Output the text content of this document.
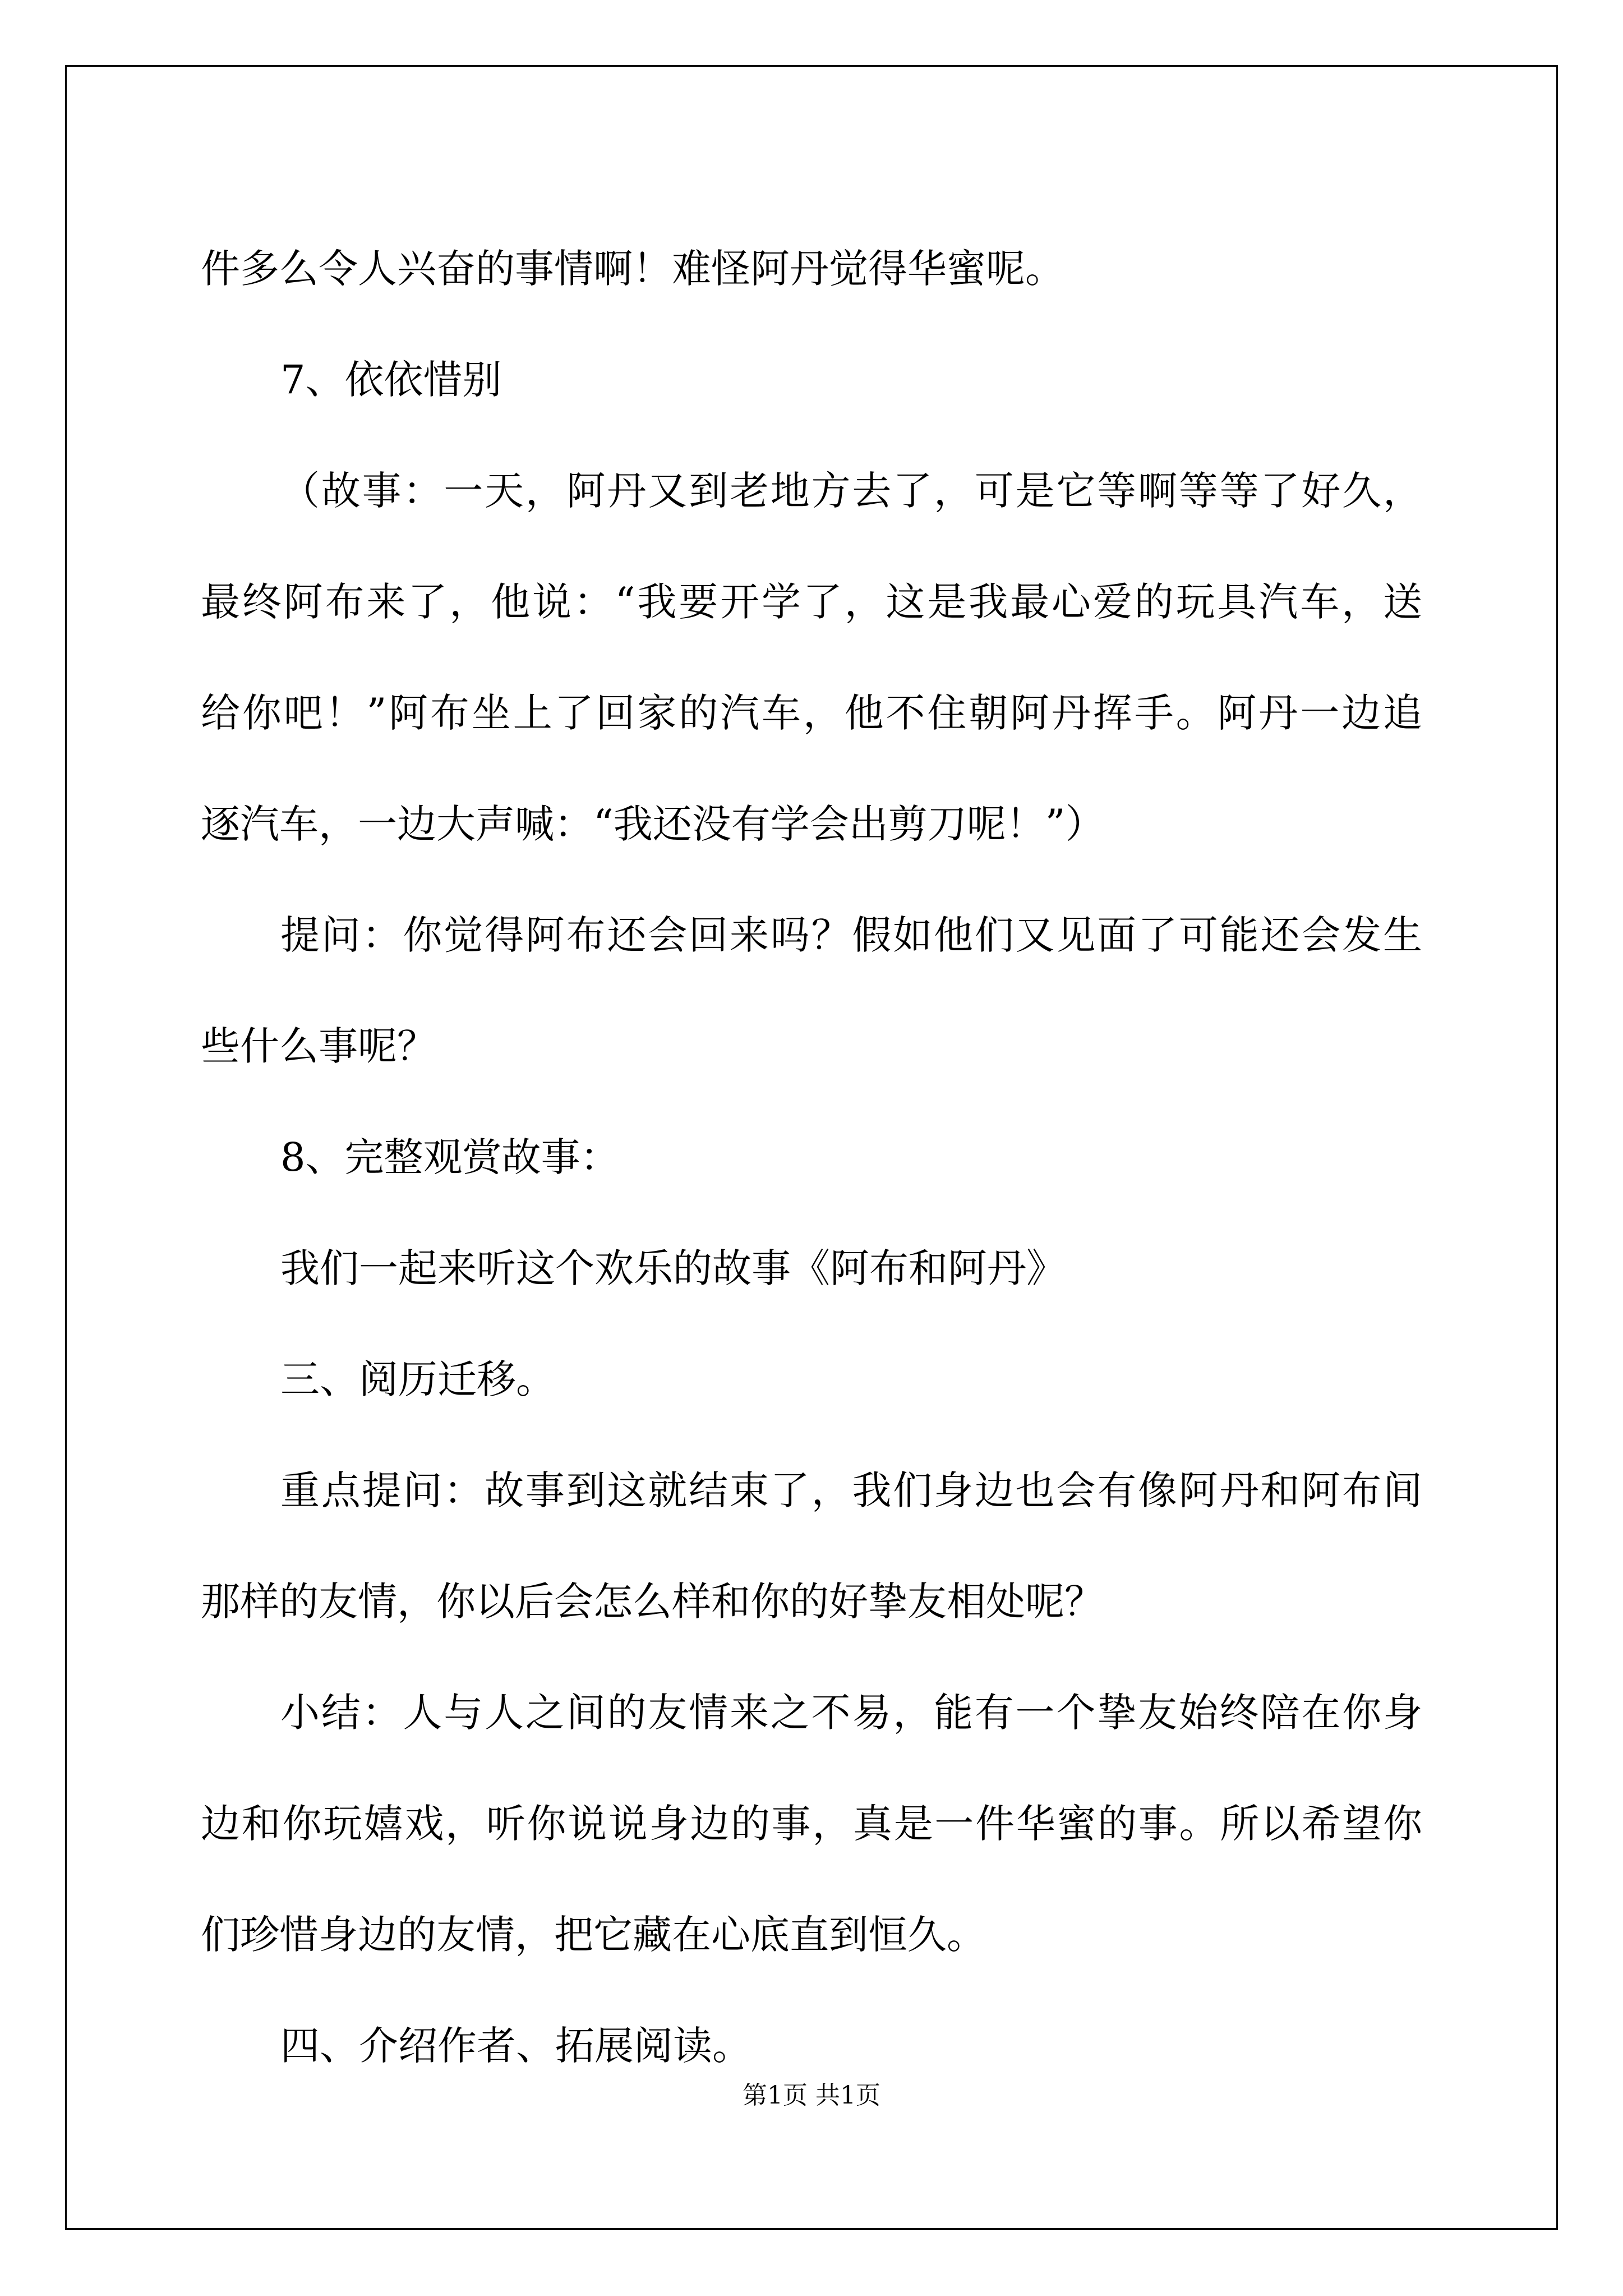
件多么令人兴奋的事情啊！难怪阿丹觉得华蜜呢。
7、依依惜别
（故事：一天，阿丹又到老地方去了，可是它等啊等等了好久，
最终阿布来了，他说：“我要开学了，这是我最心爱的玩具汽车，送
给你吧！”阿布坐上了回家的汽车，他不住朝阿丹挥手。阿丹一边追
逐汽车，一边大声喊：“我还没有学会出剪刀呢！”）
提问：你觉得阿布还会回来吗？假如他们又见面了可能还会发生
些什么事呢？
8、完整观赏故事：
我们一起来听这个欢乐的故事《阿布和阿丹》
三、阅历迁移。
重点提问：故事到这就结束了，我们身边也会有像阿丹和阿布间
那样的友情，你以后会怎么样和你的好挚友相处呢？
小结：人与人之间的友情来之不易，能有一个挚友始终陪在你身
边和你玩嬉戏，听你说说身边的事，真是一件华蜜的事。所以希望你
们珍惜身边的友情，把它藏在心底直到恒久。
四、介绍作者、拓展阅读。
第1页 共1页
